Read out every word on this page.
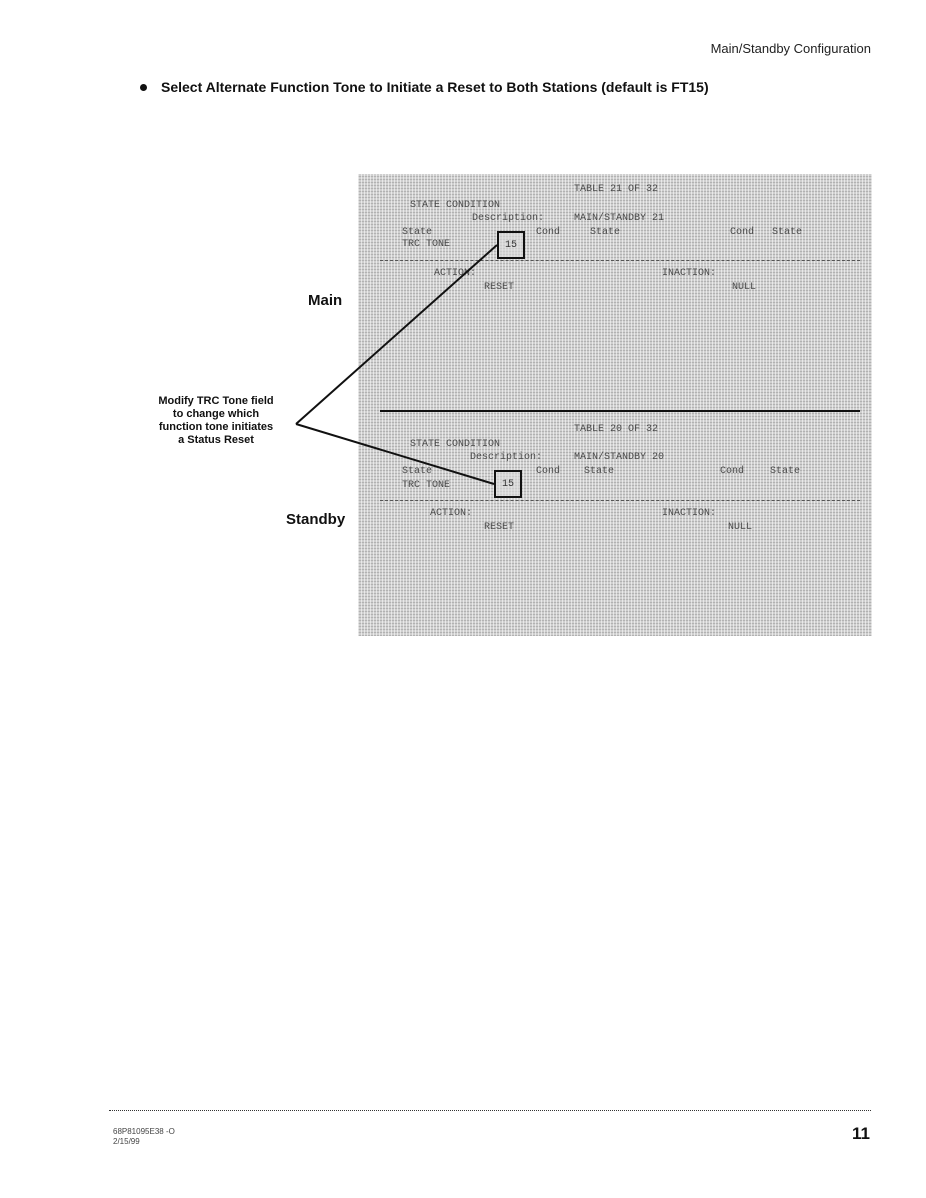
Main/Standby Configuration
Select Alternate Function Tone to Initiate a Reset to Both Stations (default is FT15)
Main
Standby
Modify TRC Tone field
to change which
function tone initiates
a Status Reset
TABLE 21 OF 32
STATE CONDITION
Description:	MAIN/STANDBY 21
State	Cond	State	Cond State
TRC TONE	15
ACTION:	INACTION:
RESET	NULL
TABLE 20 OF 32
STATE CONDITION
Description:	MAIN/STANDBY 20
State	Cond State	Cond	State
TRC TONE	15
ACTION:	INACTION:
RESET	NULL
68P81095E38 -O
2/15/99	11
